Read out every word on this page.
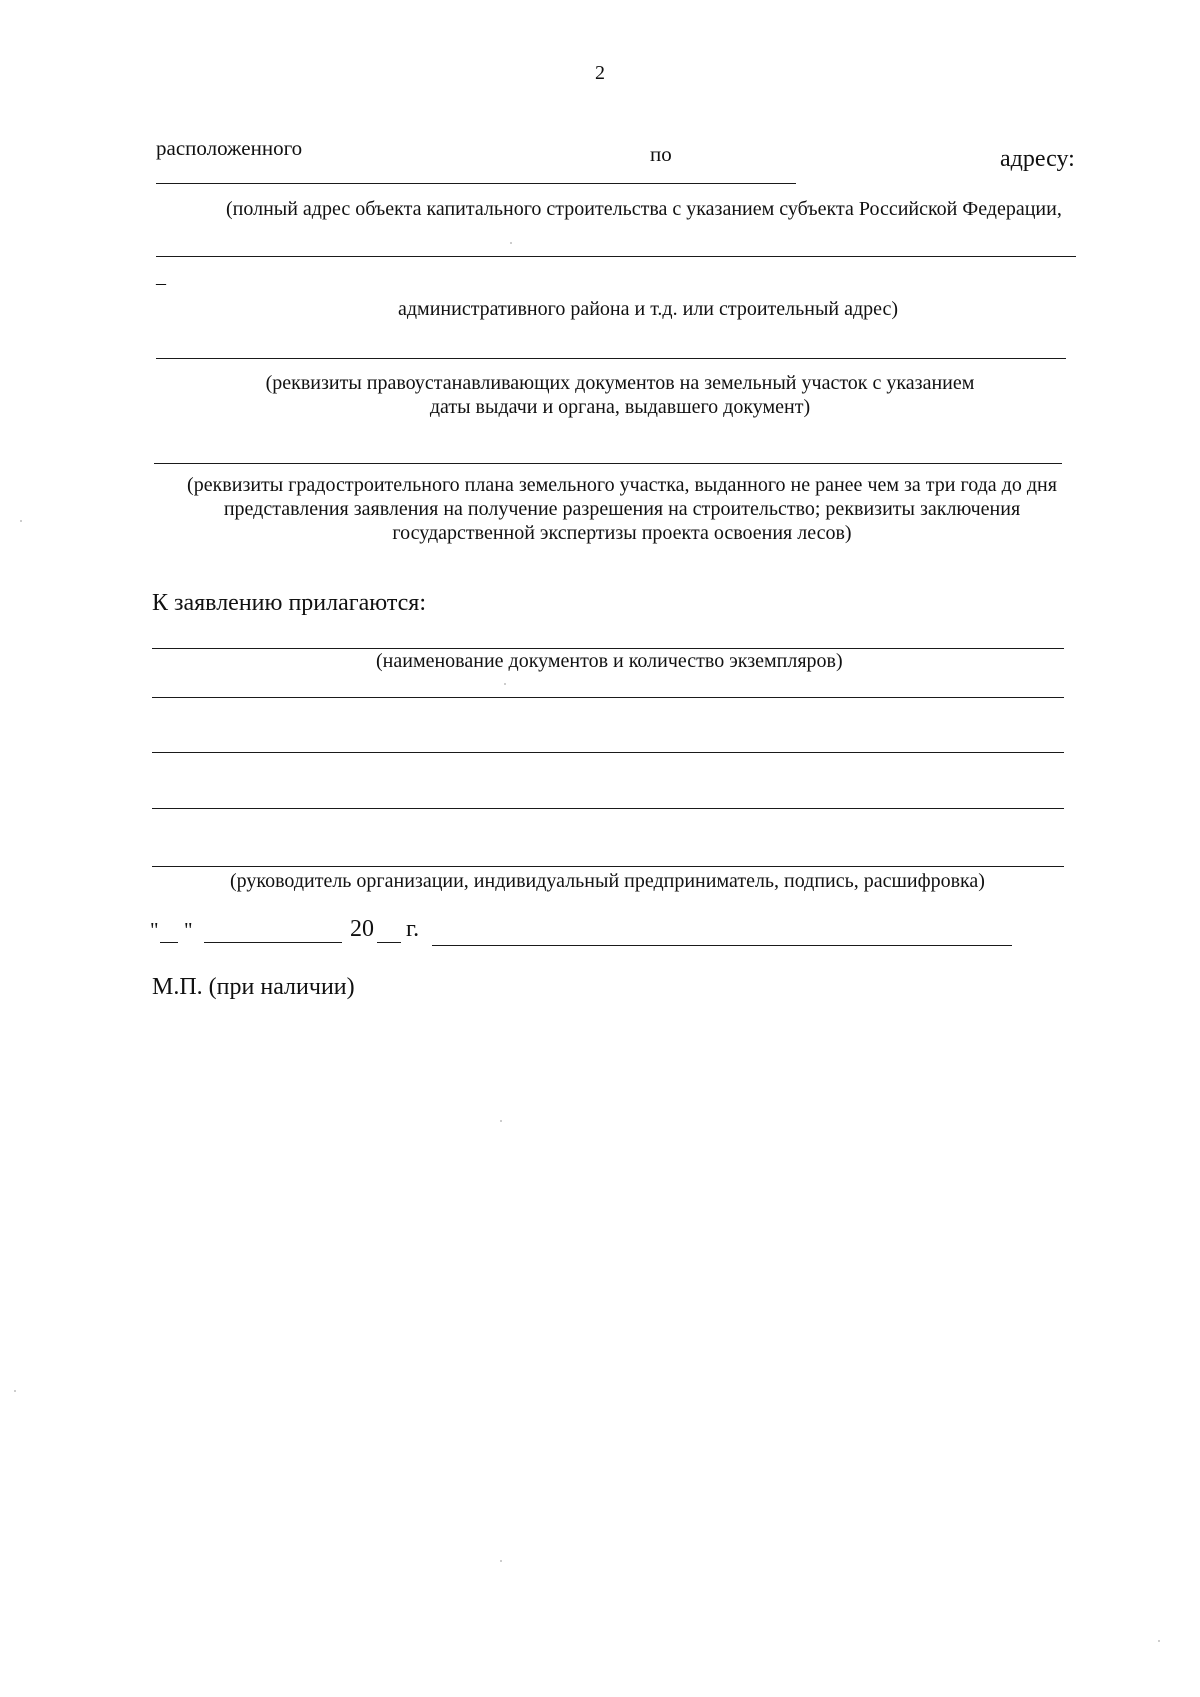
2
расположенного	по	адресу:
(полный адрес объекта капитального строительства с указанием субъекта Российской Федерации,
–
административного района и т.д. или строительный адрес)
(реквизиты правоустанавливающих документов на земельный участок с указанием
даты выдачи и органа, выдавшего документ)
(реквизиты градостроительного плана земельного участка, выданного не ранее чем за три года до дня
представления заявления на получение разрешения на строительство; реквизиты заключения
государственной экспертизы проекта освоения лесов)
К заявлению прилагаются:
(наименование документов и количество экземпляров)
(руководитель организации, индивидуальный предприниматель, подпись, расшифровка)
" "	20 г.
М.П. (при наличии)
